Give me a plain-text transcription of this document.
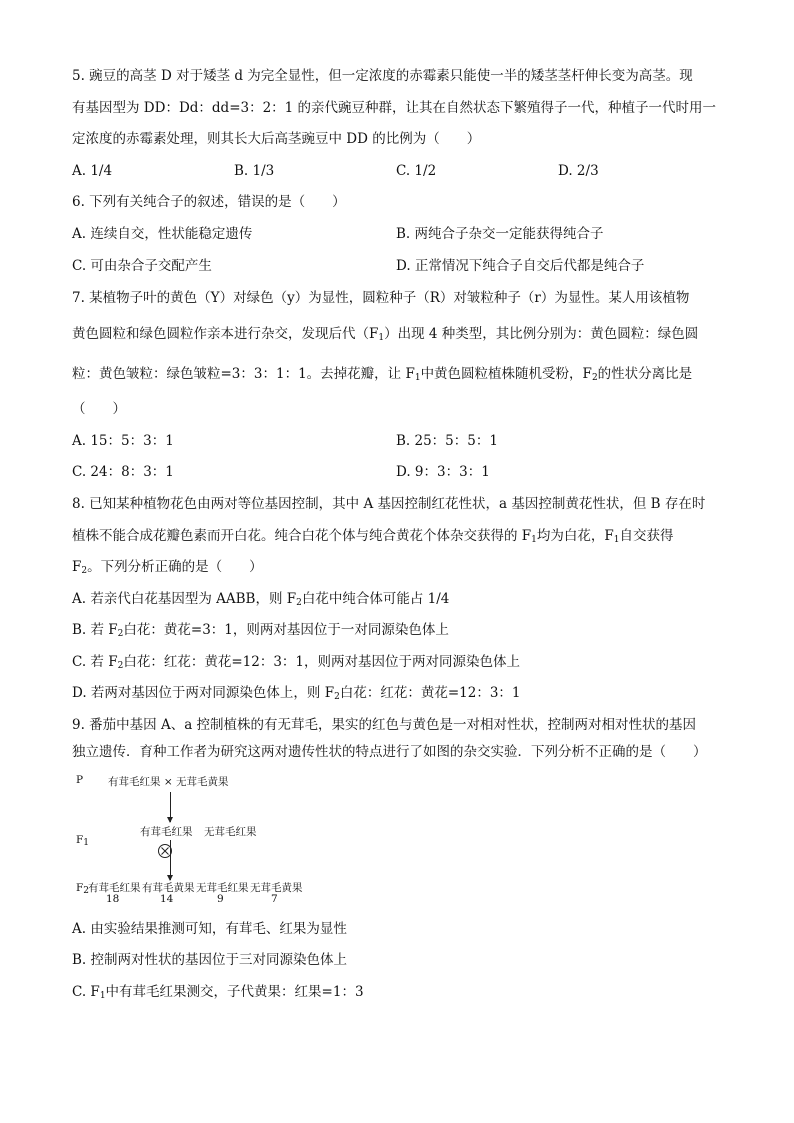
5. 豌豆的高茎 D 对于矮茎 d 为完全显性，但一定浓度的赤霉素只能使一半的矮茎茎杆伸长变为高茎。现
有基因型为 DD：Dd：dd=3：2：1 的亲代豌豆种群，让其在自然状态下繁殖得子一代，种植子一代时用一
定浓度的赤霉素处理，则其长大后高茎豌豆中 DD 的比例为（　　）
A. 1/4	B. 1/3	C. 1/2	D. 2/3
6. 下列有关纯合子的叙述，错误的是（　　）
A. 连续自交，性状能稳定遗传	B. 两纯合子杂交一定能获得纯合子
C. 可由杂合子交配产生	D. 正常情况下纯合子自交后代都是纯合子
7. 某植物子叶的黄色（Y）对绿色（y）为显性，圆粒种子（R）对皱粒种子（r）为显性。某人用该植物
黄色圆粒和绿色圆粒作亲本进行杂交，发现后代$(F_1)$出现 4 种类型，其比例分别为：黄色圆粒：绿色圆
粒：黄色皱粒：绿色皱粒=3：3：1：1。去掉花瓣，让 $F_1$中黄色圆粒植株随机受粉，$F_2$的性状分离比是
（　　）
A. 15：5：3：1	B. 25：5：5：1
C. 24：8：3：1	D. 9：3：3：1
8. 已知某种植物花色由两对等位基因控制，其中 A 基因控制红花性状，a 基因控制黄花性状，但 B 存在时
植株不能合成花瓣色素而开白花。纯合白花个体与纯合黄花个体杂交获得的 $F_1$均为白花，$F_1$自交获得
$F_2$。下列分析正确的是（　　）
A. 若亲代白花基因型为 AABB，则 $F_2$白花中纯合体可能占 1/4
B. 若 $F_2$白花：黄花=3：1，则两对基因位于一对同源染色体上
C. 若 $F_2$白花：红花：黄花=12：3：1，则两对基因位于两对同源染色体上
D. 若两对基因位于两对同源染色体上，则 $F_2$白花：红花：黄花=12：3：1
9. 番茄中基因 A、a 控制植株的有无茸毛，果实的红色与黄色是一对相对性状，控制两对相对性状的基因
独立遗传．育种工作者为研究这两对遗传性状的特点进行了如图的杂交实验．下列分析不正确的是（　　）
P 有茸毛红果 × 无茸毛黄果
$F_1$
有茸毛红果 无茸毛红果
$F_2$
有茸毛红果 有茸毛黄果 无茸毛红果 无茸毛黄果
18	14	9	7
A. 由实验结果推测可知，有茸毛、红果为显性
B. 控制两对性状的基因位于三对同源染色体上
C. $F_1$中有茸毛红果测交，子代黄果：红果=1：3
